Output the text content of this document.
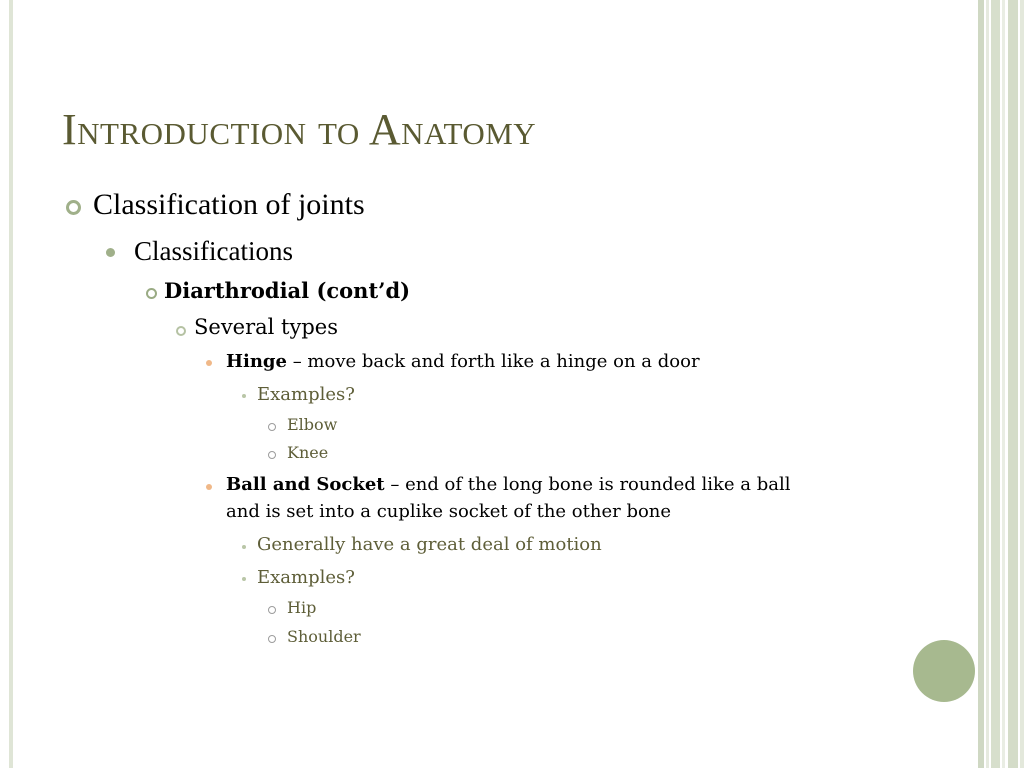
Introduction to Anatomy
Classification of joints
Classifications
Diarthrodial (cont’d)
Several types
Hinge – move back and forth like a hinge on a door
Examples?
Elbow
Knee
Ball and Socket – end of the long bone is rounded like a ball
and is set into a cuplike socket of the other bone
Generally have a great deal of motion
Examples?
Hip
Shoulder
